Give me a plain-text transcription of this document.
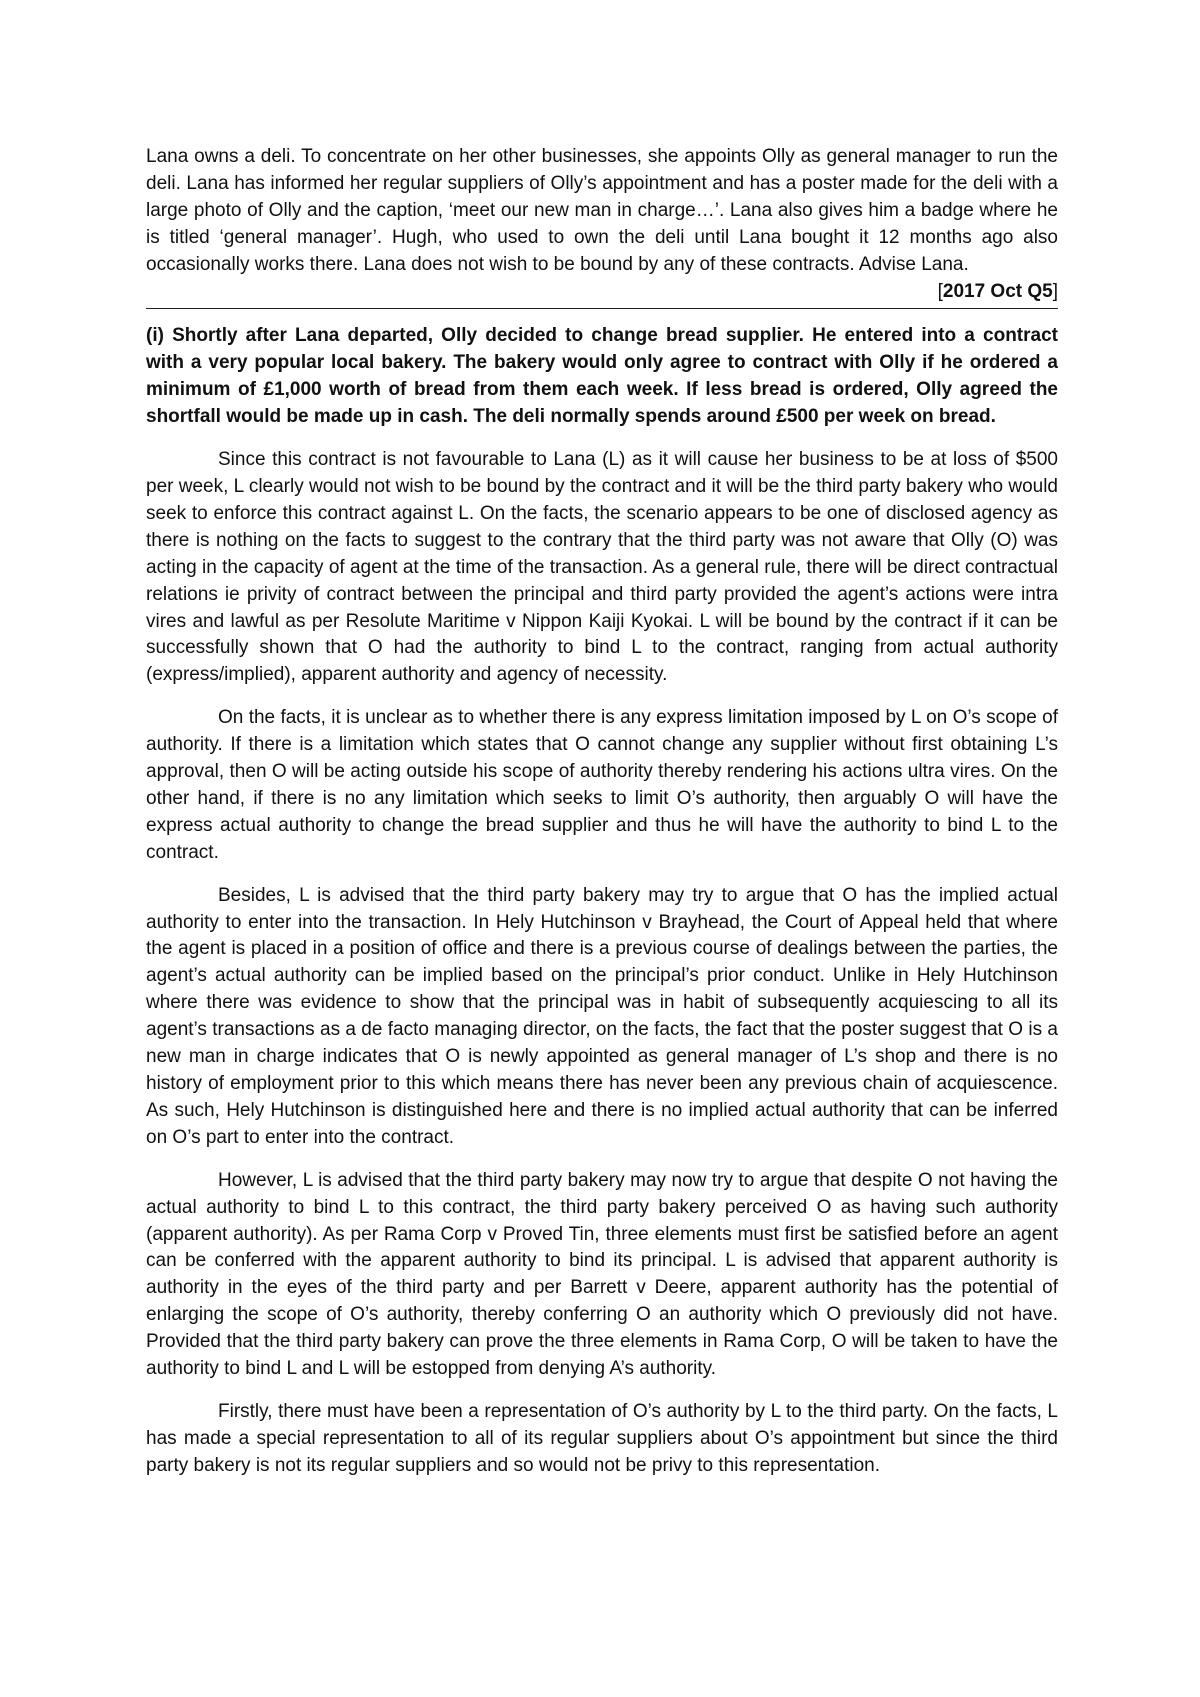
Lana owns a deli. To concentrate on her other businesses, she appoints Olly as general manager to run the deli. Lana has informed her regular suppliers of Olly’s appointment and has a poster made for the deli with a large photo of Olly and the caption, ‘meet our new man in charge…’. Lana also gives him a badge where he is titled ‘general manager’. Hugh, who used to own the deli until Lana bought it 12 months ago also occasionally works there. Lana does not wish to be bound by any of these contracts. Advise Lana.
[2017 Oct Q5]

(i) Shortly after Lana departed, Olly decided to change bread supplier. He entered into a contract with a very popular local bakery. The bakery would only agree to contract with Olly if he ordered a minimum of £1,000 worth of bread from them each week. If less bread is ordered, Olly agreed the shortfall would be made up in cash. The deli normally spends around £500 per week on bread.

Since this contract is not favourable to Lana (L) as it will cause her business to be at loss of $500 per week, L clearly would not wish to be bound by the contract and it will be the third party bakery who would seek to enforce this contract against L. On the facts, the scenario appears to be one of disclosed agency as there is nothing on the facts to suggest to the contrary that the third party was not aware that Olly (O) was acting in the capacity of agent at the time of the transaction. As a general rule, there will be direct contractual relations ie privity of contract between the principal and third party provided the agent’s actions were intra vires and lawful as per Resolute Maritime v Nippon Kaiji Kyokai. L will be bound by the contract if it can be successfully shown that O had the authority to bind L to the contract, ranging from actual authority (express/implied), apparent authority and agency of necessity.

On the facts, it is unclear as to whether there is any express limitation imposed by L on O’s scope of authority. If there is a limitation which states that O cannot change any supplier without first obtaining L’s approval, then O will be acting outside his scope of authority thereby rendering his actions ultra vires. On the other hand, if there is no any limitation which seeks to limit O’s authority, then arguably O will have the express actual authority to change the bread supplier and thus he will have the authority to bind L to the contract.

Besides, L is advised that the third party bakery may try to argue that O has the implied actual authority to enter into the transaction. In Hely Hutchinson v Brayhead, the Court of Appeal held that where the agent is placed in a position of office and there is a previous course of dealings between the parties, the agent’s actual authority can be implied based on the principal’s prior conduct. Unlike in Hely Hutchinson where there was evidence to show that the principal was in habit of subsequently acquiescing to all its agent’s transactions as a de facto managing director, on the facts, the fact that the poster suggest that O is a new man in charge indicates that O is newly appointed as general manager of L’s shop and there is no history of employment prior to this which means there has never been any previous chain of acquiescence. As such, Hely Hutchinson is distinguished here and there is no implied actual authority that can be inferred on O’s part to enter into the contract.

However, L is advised that the third party bakery may now try to argue that despite O not having the actual authority to bind L to this contract, the third party bakery perceived O as having such authority (apparent authority). As per Rama Corp v Proved Tin, three elements must first be satisfied before an agent can be conferred with the apparent authority to bind its principal. L is advised that apparent authority is authority in the eyes of the third party and per Barrett v Deere, apparent authority has the potential of enlarging the scope of O’s authority, thereby conferring O an authority which O previously did not have. Provided that the third party bakery can prove the three elements in Rama Corp, O will be taken to have the authority to bind L and L will be estopped from denying A’s authority.

Firstly, there must have been a representation of O’s authority by L to the third party. On the facts, L has made a special representation to all of its regular suppliers about O’s appointment but since the third party bakery is not its regular suppliers and so would not be privy to this representation.
